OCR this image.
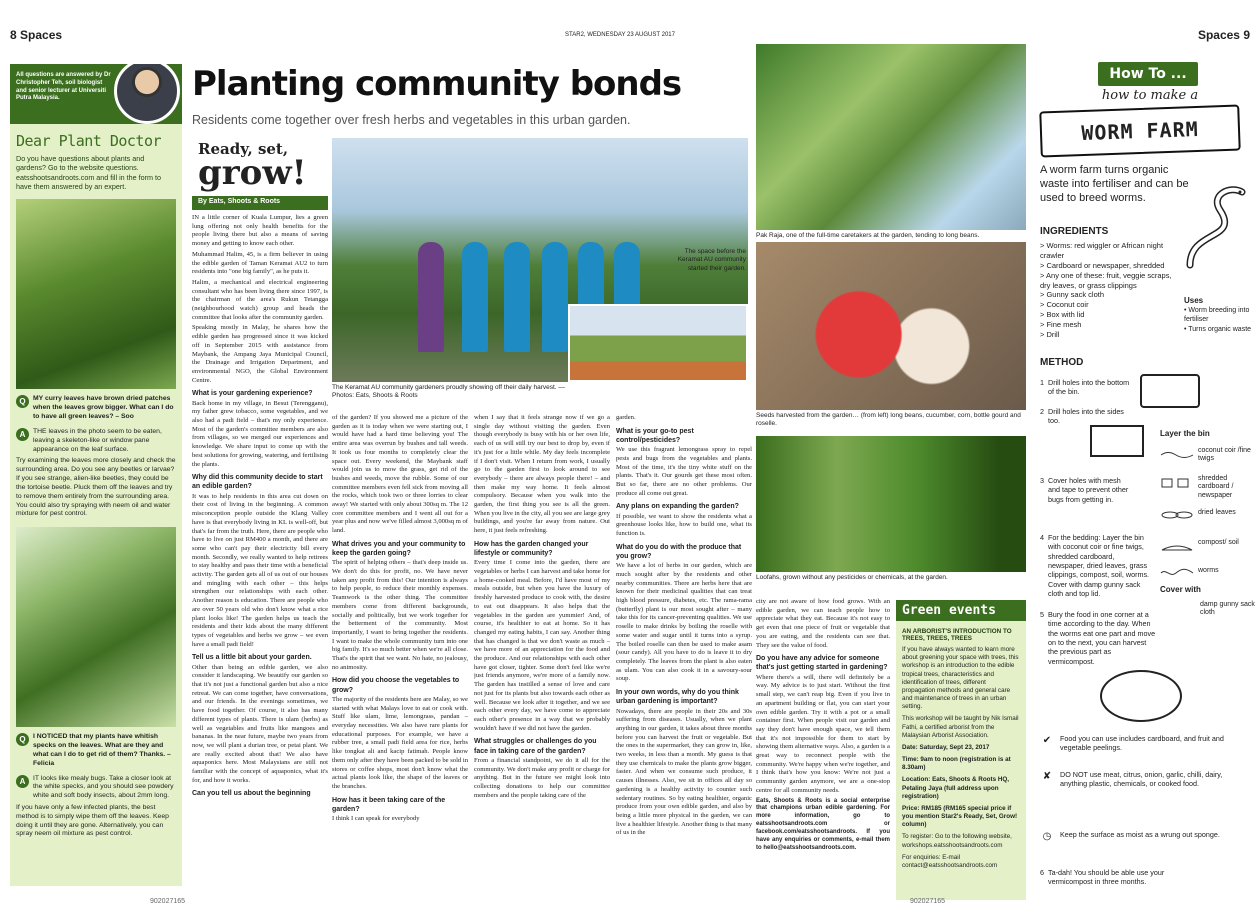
8 Spaces	STAR2, WEDNESDAY 23 AUGUST 2017	Spaces 9
All questions are answered by Dr Christopher Teh, soil biologist and senior lecturer at Universiti Putra Malaysia.
Dear Plant Doctor
Do you have questions about plants and gardens? Go to the website questions. eatsshootsandroots.com and fill in the form to have them answered by an expert.
Q	MY curry leaves have brown dried patches when the leaves grow bigger. What can I do to have all green leaves? – Soo
A	THE leaves in the photo seem to be eaten, leaving a skeleton-like or window pane appearance on the leaf surface.
Try examining the leaves more closely and check the surrounding area. Do you see any beetles or larvae? If you see strange, alien-like beetles, they could be the tortoise beetle. Pluck them off the leaves and try to remove them entirely from the surrounding area. You could also try spraying with neem oil and water mixture for pest control.
Q	I NOTICED that my plants have whitish specks on the leaves. What are they and what can I do to get rid of them? Thanks. – Felicia
A	IT looks like mealy bugs. Take a closer look at the white specks, and you should see powdery white and soft body insects, about 2mm long.
If you have only a few infected plants, the best method is to simply wipe them off the leaves. Keep doing it until they are gone. Alternatively, you can spray neem oil mixture as pest control.
Planting community bonds
Residents come together over fresh herbs and vegetables in this urban garden.
Ready, set,
grow!
By Eats, Shoots & Roots
The space before the Keramat AU community started their garden.
The Keramat AU community gardeners proudly showing off their daily harvest. — Photos: Eats, Shoots & Roots

IN a little corner of Kuala Lumpur, lies a green lung offering not only health benefits for the people living there but also a means of saving money and getting to know each other.

Muhammad Halim, 45, is a firm believer in using the edible garden of Taman Keramat AU2 to turn residents into "one big family", as he puts it.

Halim, a mechanical and electrical engineering consultant who has been living there since 1997, is the chairman of the area's Rukun Tetangga (neighbourhood watch) group and heads the committee that looks after the community garden.

Speaking mostly in Malay, he shares how the edible garden has progressed since it was kicked off in September 2015 with assistance from Maybank, the Ampang Jaya Municipal Council, the Drainage and Irrigation Department, and environmental NGO, the Global Environment Centre.

What is your gardening experience?

Back home in my village, in Besut (Terengganu), my father grew tobacco, some vegetables, and we also had a padi field – that's my only experience. Most of the garden's committee members are also from villages, so we merged our experiences and knowledge. We share input to come up with the best solutions for growing, watering, and fertilising the plants.

Why did this community decide to start an edible garden?

It was to help residents in this area cut down on their cost of living in the beginning. A common misconception people outside the Klang Valley have is that everybody living in KL is well-off, but that's far from the truth. Here, there are people who have to live on just RM400 a month, and there are some who can't pay their electricity bill every month. Secondly, we really wanted to help retirees to stay healthy and pass their time with a beneficial activity. The garden gets all of us out of our houses and mingling with each other – this helps strengthen our relationships with each other. Another reason is education. There are people who are over 50 years old who don't know what a rice plant looks like! The garden helps us teach the residents and their kids about the many different types of vegetables and herbs we grow – we even have a small padi field!

Tell us a little bit about your garden.

Other than being an edible garden, we also consider it landscaping. We beautify our garden so that it's not just a functional garden but also a nice retreat. We can come together, have conversations, and our friends. In the evenings sometimes, we have food together. Of course, it also has many different types of plants. There is ulam (herbs) as well as vegetables and fruits like mangoes and bananas. In the near future, maybe two years from now, we will plant a durian tree, or petai plant. We are really excited about that! We also have aquaponics here. Most Malaysians are still not familiar with the concept of aquaponics, what it's for, and how it works.

Can you tell us about the beginning

of the garden? If you showed me a picture of the garden as it is today when we were starting out, I would have had a hard time believing you! The entire area was overrun by bushes and tall weeds. It took us four months to completely clear the space out. Every weekend, the Maybank staff would join us to mow the grass, get rid of the bushes and weeds, move the rubble. Some of our committee members even fell sick from moving all the rocks, which took two or three lorries to clear away! We started with only about 300sq m. The 12 core committee members and I went all out for a year plus and now we've filled almost 3,000sq m of land.

What drives you and your community to keep the garden going?

The spirit of helping others – that's deep inside us. We don't do this for profit, no. We have never taken any profit from this! Our intention is always to help people, to reduce their monthly expenses. Teamwork is the other thing. The committee members come from different backgrounds, socially and politically, but we work together for the betterment of the community. Most importantly, I want to bring together the residents. I want to make the whole community turn into one big family. It's so much better when we're all close. That's the spirit that we want. No hate, no jealousy, no animosity.

How did you choose the vegetables to grow?

The majority of the residents here are Malay, so we started with what Malays love to eat or cook with. Stuff like ulam, lime, lemongrass, pandan – everyday necessities. We also have rare plants for educational purposes. For example, we have a rubber tree, a small padi field area for rice, herbs like tongkat ali and kacip fatimah. People know them only after they have been packed to be sold in stores or coffee shops, most don't know what the actual plants look like, the shape of the leaves or the branches.

How has it been taking care of the garden?

I think I can speak for everybody

when I say that it feels strange now if we go a single day without visiting the garden. Even though everybody is busy with his or her own life, each of us will still try our best to drop by, even if it's just for a little while. My day feels incomplete if I don't visit. When I return from work, I usually go to the garden first to look around to see everybody – there are always people there! – and then make my way home. It feels almost compulsory. Because when you walk into the garden, the first thing you see is all the green. When you live in the city, all you see are large grey buildings, and you're far away from nature. Out here, it just feels refreshing.

How has the garden changed your lifestyle or community?

Every time I come into the garden, there are vegetables or herbs I can harvest and take home for a home-cooked meal. Before, I'd have most of my meals outside, but when you have the luxury of freshly harvested produce to cook with, the desire to eat out disappears. It also helps that the vegetables in the garden are yummier! And, of course, it's healthier to eat at home. So it has changed my eating habits, I can say. Another thing that has changed is that we don't waste as much – we have more of an appreciation for the food and the produce. And our relationships with each other have got closer, tighter. Some don't feel like we're just friends anymore, we're more of a family now. The garden has instilled a sense of love and care not just for its plants but also towards each other as well. Because we look after it together, and we see each other every day, we have come to appreciate each other's presence in a way that we probably wouldn't have if we did not have the garden.

What struggles or challenges do you face in taking care of the garden?

From a financial standpoint, we do it all for the community. We don't make any profit or charge for anything. But in the future we might look into collecting donations to help our committee members and the people taking care of the

garden.

What is your go-to pest control/pesticides?

We use this fragrant lemongrass spray to repel pests and bugs from the vegetables and plants. Most of the time, it's the tiny white stuff on the plants. That's it. Our gourds get these most often. But so far, there are no other problems. Our produce all come out great.

Any plans on expanding the garden?

If possible, we want to show the residents what a greenhouse looks like, how to build one, what its function is.

What do you do with the produce that you grow?

We have a lot of herbs in our garden, which are much sought after by the residents and other nearby communities. There are herbs here that are known for their medicinal qualities that can treat high blood pressure, diabetes, etc. The rama-rama (butterfly) plant is our most sought after – many take this for its cancer-preventing qualities. We use roselle to make drinks by boiling the roselle with some water and sugar until it turns into a syrup. The boiled roselle can then be used to make asam (sour candy). All you have to do is leave it to dry completely. The leaves from the plant is also eaten as ulam. You can also cook it in a savoury-sour soup.

In your own words, why do you think urban gardening is important?

Nowadays, there are people in their 20s and 30s suffering from diseases. Usually, when we plant anything in our garden, it takes about three months before you can harvest the fruit or vegetable. But the ones in the supermarket, they can grow in, like, two weeks, in less than a month. My guess is that they use chemicals to make the plants grow bigger, faster. And when we consume such produce, it causes illnesses. Also, we sit in offices all day so gardening is a healthy activity to counter such sedentary routines. So by eating healthier, organic produce from your own edible garden, and also by being a little more physical in the garden, we can live a healthier lifestyle. Another thing is that many of us in the

city are not aware of how food grows. With an edible garden, we can teach people how to appreciate what they eat. Because it's not easy to get even that one piece of fruit or vegetable that you are eating, and the residents can see that. They see the value of food.

Do you have any advice for someone that's just getting started in gardening?

Where there's a will, there will definitely be a way. My advice is to just start. Without the first small step, we can't reap big. Even if you live in an apartment building or flat, you can start your own edible garden. Try it with a pot or a small container first. When people visit our garden and say they don't have enough space, we tell them that it's not impossible for them to start by showing them alternative ways. Also, a garden is a great way to reconnect people with the community. We're happy when we're together, and I think that's how you know: We're not just a community garden anymore, we are a one-stop centre for all community needs.

Eats, Shoots & Roots is a social enterprise that champions urban edible gardening. For more information, go to eatsshootsandroots.com or facebook.com/eatsshootsandroots. If you have any enquiries or comments, e-mail them to hello@eatsshootsandroots.com.

Pak Raja, one of the full-time caretakers at the garden, tending to long beans.
Seeds harvested from the garden… (from left) long beans, cucumber, corn, bottle gourd and roselle.
Loofahs, grown without any pesticides or chemicals, at the garden.
Green events
AN ARBORIST'S INTRODUCTION TO TREES, TREES, TREES
If you have always wanted to learn more about greening your space with trees, this workshop is an introduction to the edible tropical trees, characteristics and identification of trees, different propagation methods and general care and maintenance of trees in an urban setting.
This workshop will be taught by Nik Ismail Fathi, a certified arborist from the Malaysian Arborist Association.
Date: Saturday, Sept 23, 2017
Time: 9am to noon (registration is at 8.30am)
Location: Eats, Shoots & Roots HQ, Petaling Jaya (full address upon registration)
Price: RM185 (RM165 special price if you mention Star2's Ready, Set, Grow! column)
To register: Go to the following website, workshops.eatsshootsandroots.com
For enquiries: E-mail contact@eatsshootsandroots.com
How To ...
how to make a
WORM FARM
A worm farm turns organic waste into fertiliser and can be used to breed worms.
INGREDIENTS
> Worms: red wiggler or African night crawler
> Cardboard or newspaper, shredded
> Any one of these: fruit, veggie scraps, dry leaves, or grass clippings
> Gunny sack cloth
> Coconut coir
> Box with lid
> Fine mesh
> Drill
Uses
• Worm breeding into fertiliser
• Turns organic waste
METHOD
1 Drill holes into the bottom of the bin.
2 Drill holes into the sides too.
3 Cover holes with mesh and tape to prevent other bugs from getting in.
4 For the bedding: Layer the bin with coconut coir or fine twigs, shredded cardboard, newspaper, dried leaves, grass clippings, compost, soil, worms. Cover with damp gunny sack cloth and top lid.
5 Bury the food in one corner at a time according to the day. When the worms eat one part and move on to the next, you can harvest the previous part as vermicompost.
6 Ta-dah! You should be able use your vermicompost in three months.
Layer the bin
coconut coir /fine twigs
shredded cardboard / newspaper
dried leaves
compost/ soil
worms
Cover with
damp gunny sack cloth
✔	Food you can use includes cardboard, and fruit and vegetable peelings.
✘	DO NOT use meat, citrus, onion, garlic, chilli, dairy, anything plastic, chemicals, or cooked food.
◷	Keep the surface as moist as a wrung out sponge.
902027165	902027165
